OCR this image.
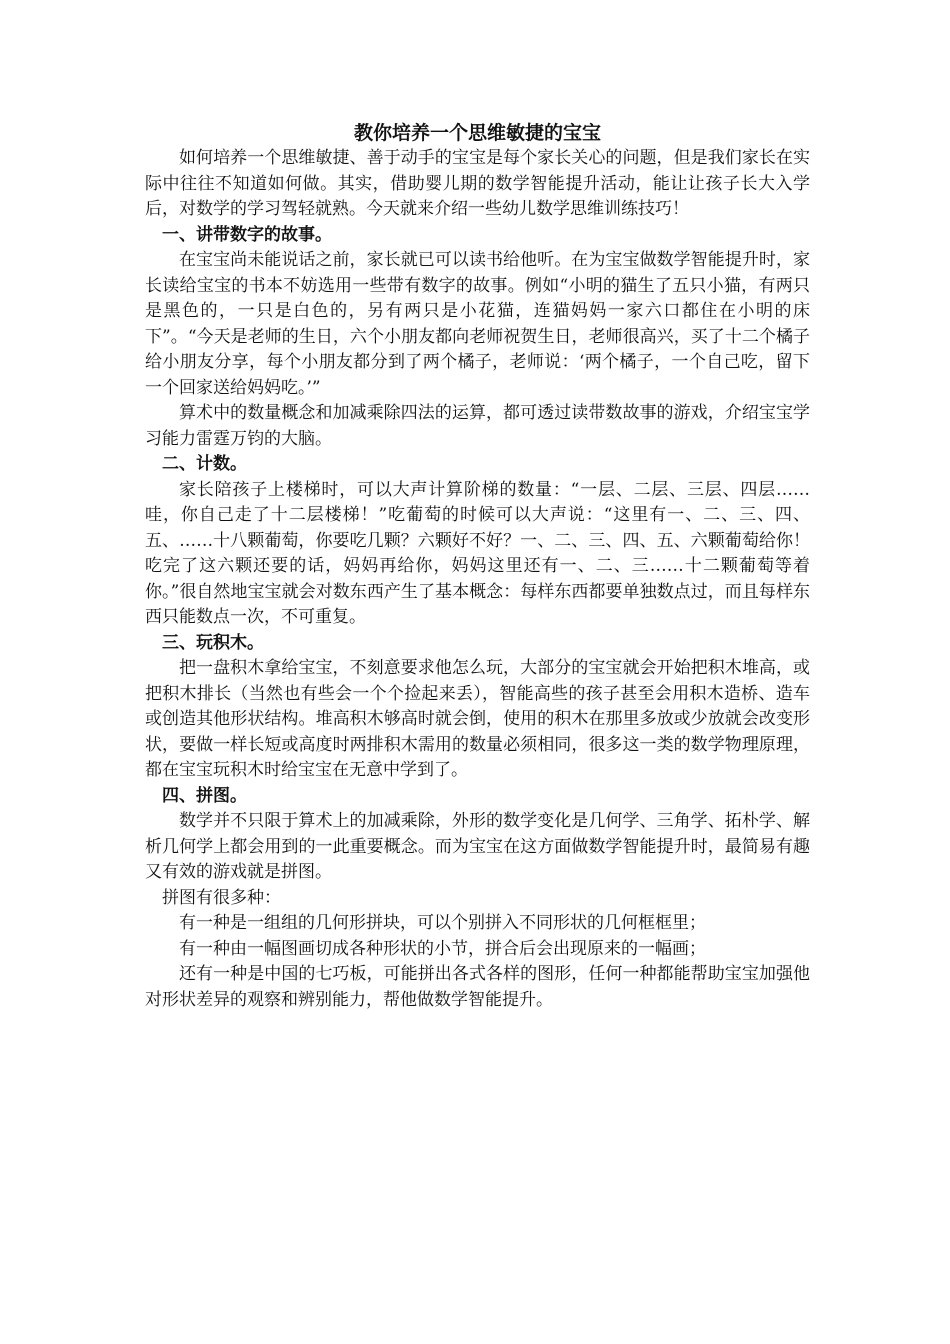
教你培养一个思维敏捷的宝宝

如何培养一个思维敏捷、善于动手的宝宝是每个家长关心的问题，但是我们家长在实际中往往不知道如何做。其实，借助婴儿期的数学智能提升活动，能让让孩子长大入学后，对数学的学习驾轻就熟。今天就来介绍一些幼儿数学思维训练技巧！

一、讲带数字的故事。

在宝宝尚未能说话之前，家长就已可以读书给他听。在为宝宝做数学智能提升时，家长读给宝宝的书本不妨选用一些带有数字的故事。例如“小明的猫生了五只小猫，有两只是黑色的，一只是白色的，另有两只是小花猫，连猫妈妈一家六口都住在小明的床下”。“今天是老师的生日，六个小朋友都向老师祝贺生日，老师很高兴，买了十二个橘子给小朋友分享，每个小朋友都分到了两个橘子，老师说：‘两个橘子，一个自己吃，留下一个回家送给妈妈吃。’”

算术中的数量概念和加减乘除四法的运算，都可透过读带数故事的游戏，介绍宝宝学习能力雷霆万钧的大脑。

二、计数。

家长陪孩子上楼梯时，可以大声计算阶梯的数量：“一层、二层、三层、四层……哇，你自己走了十二层楼梯！”吃葡萄的时候可以大声说：“这里有一、二、三、四、五、……十八颗葡萄，你要吃几颗？六颗好不好？一、二、三、四、五、六颗葡萄给你！吃完了这六颗还要的话，妈妈再给你，妈妈这里还有一、二、三……十二颗葡萄等着你。”很自然地宝宝就会对数东西产生了基本概念：每样东西都要单独数点过，而且每样东西只能数点一次，不可重复。

三、玩积木。

把一盘积木拿给宝宝，不刻意要求他怎么玩，大部分的宝宝就会开始把积木堆高，或把积木排长（当然也有些会一个个捡起来丢），智能高些的孩子甚至会用积木造桥、造车或创造其他形状结构。堆高积木够高时就会倒，使用的积木在那里多放或少放就会改变形状，要做一样长短或高度时两排积木需用的数量必须相同，很多这一类的数学物理原理，都在宝宝玩积木时给宝宝在无意中学到了。

四、拼图。

数学并不只限于算术上的加减乘除，外形的数学变化是几何学、三角学、拓朴学、解析几何学上都会用到的一此重要概念。而为宝宝在这方面做数学智能提升时，最简易有趣又有效的游戏就是拼图。

拼图有很多种：

有一种是一组组的几何形拼块，可以个别拼入不同形状的几何框框里；

有一种由一幅图画切成各种形状的小节，拼合后会出现原来的一幅画；

还有一种是中国的七巧板，可能拼出各式各样的图形，任何一种都能帮助宝宝加强他对形状差异的观察和辨别能力，帮他做数学智能提升。
